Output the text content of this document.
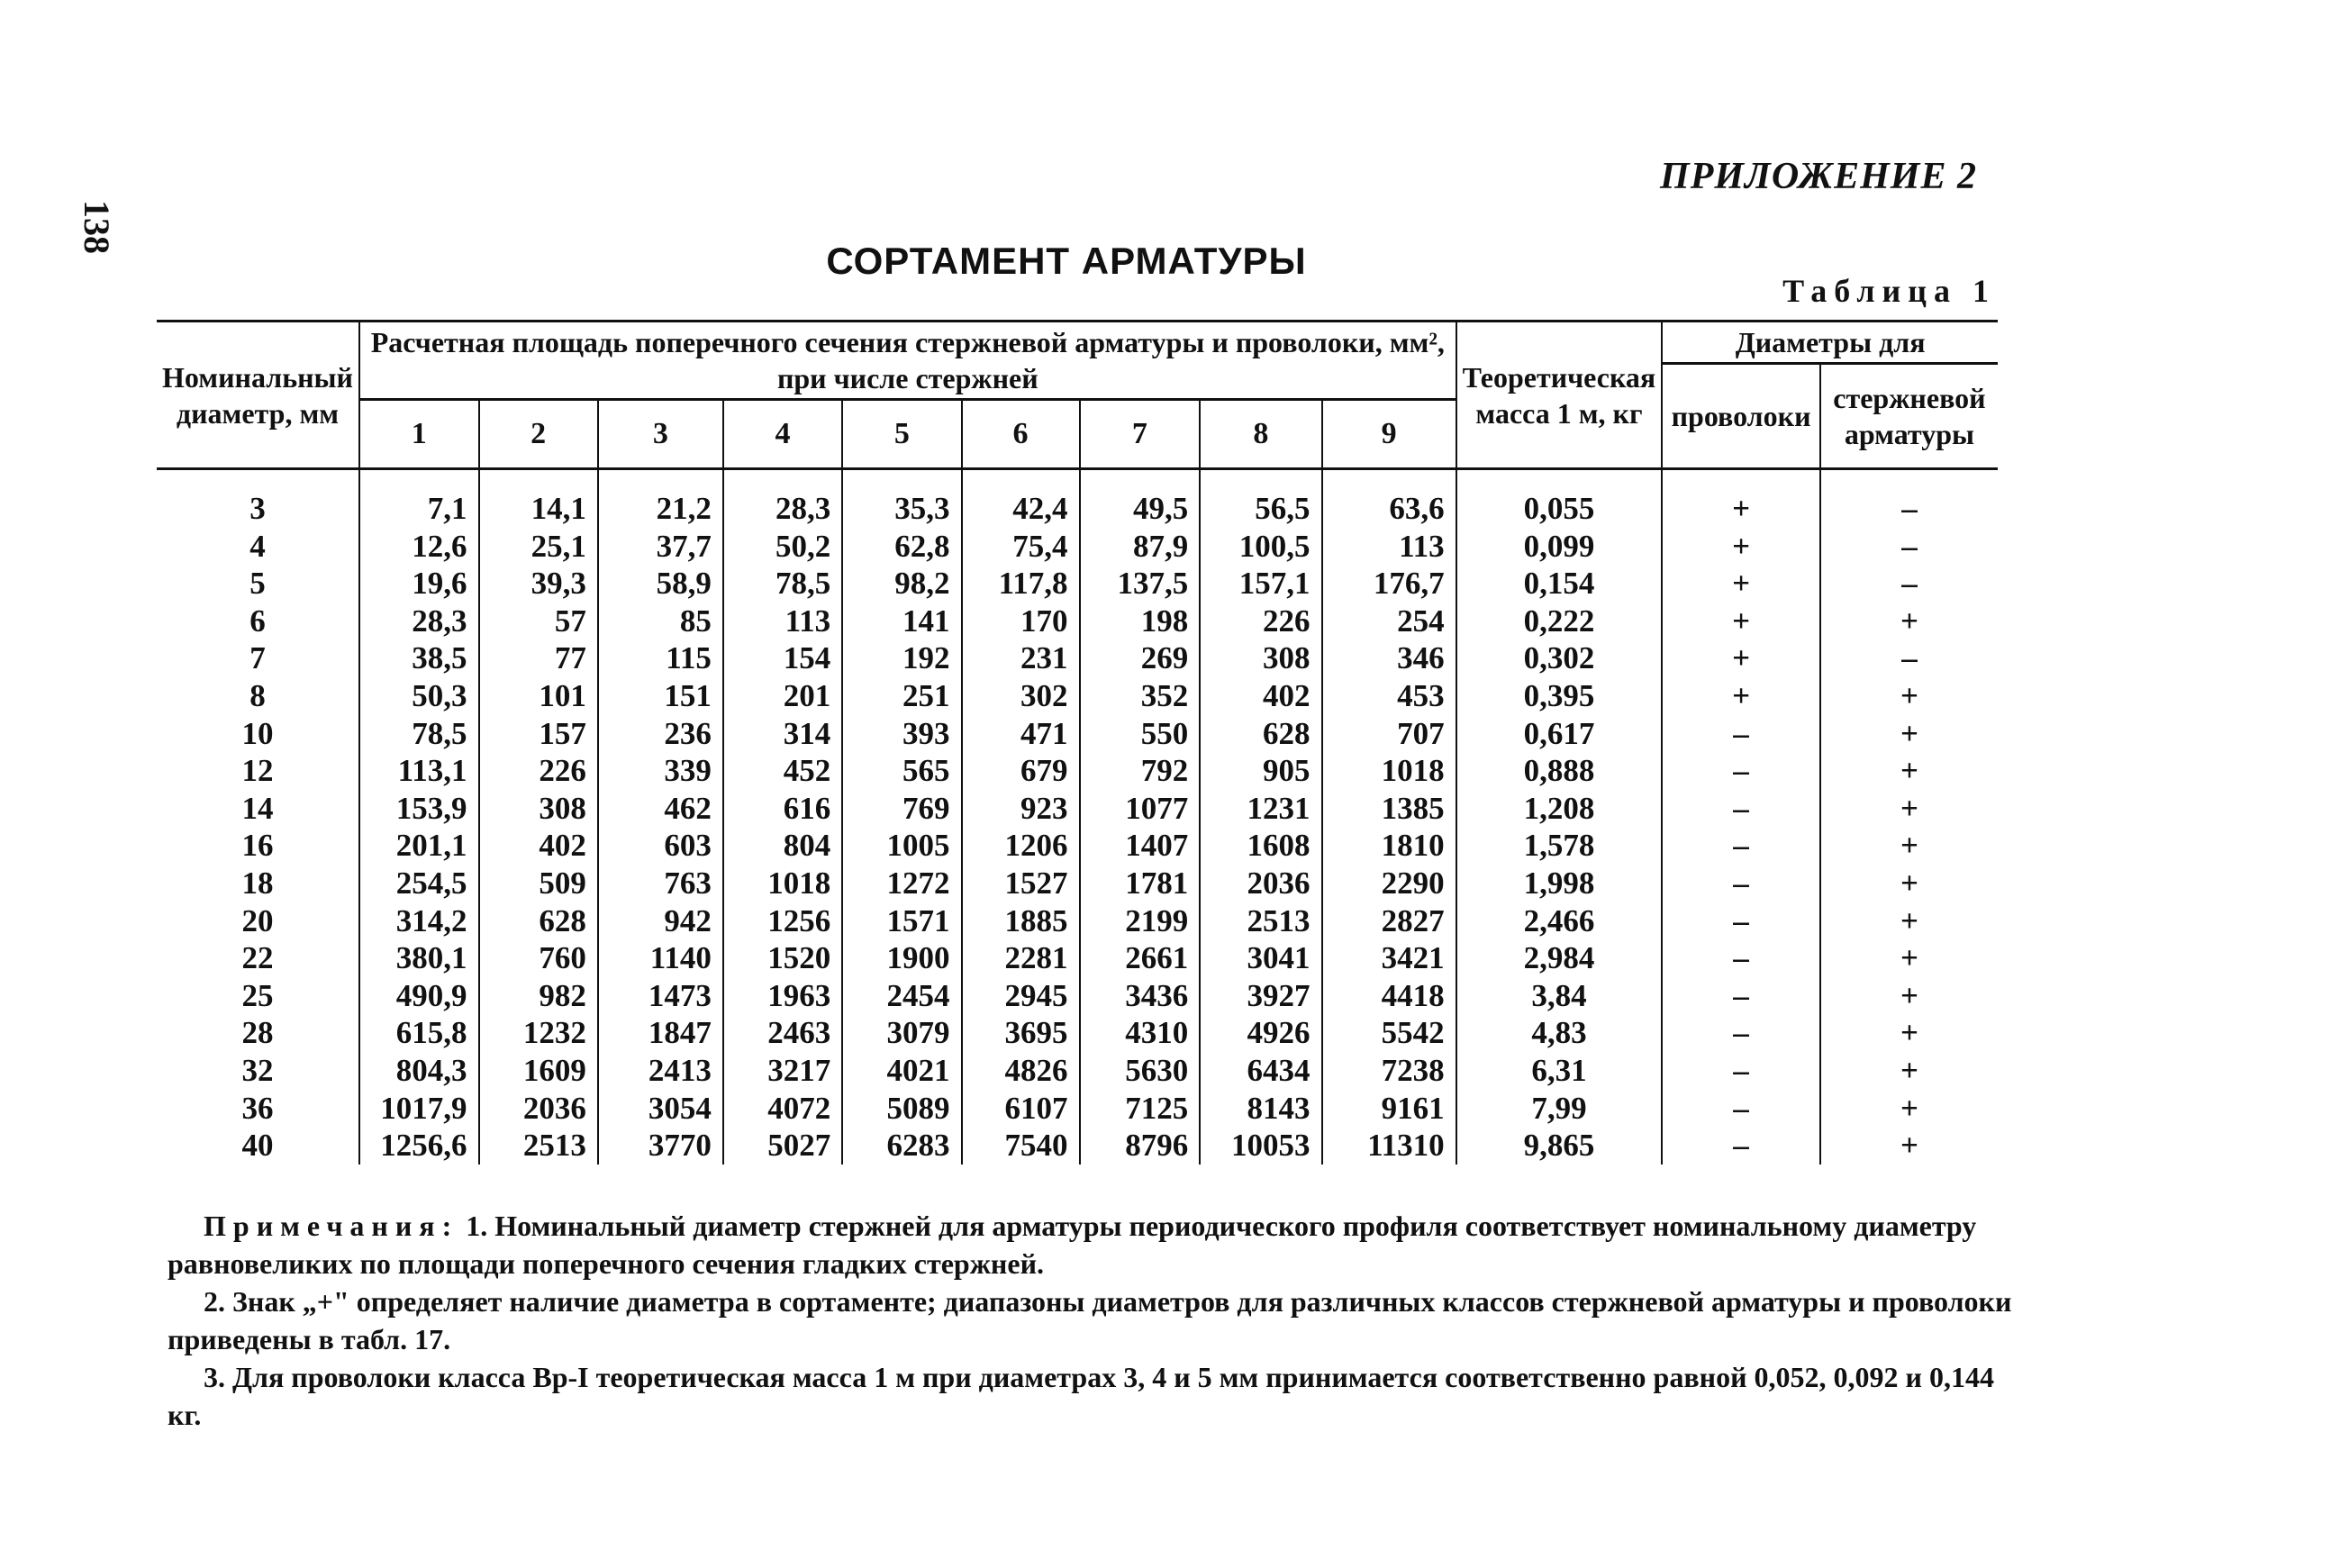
138
ПРИЛОЖЕНИЕ 2
СОРТАМЕНТ АРМАТУРЫ
Таблица 1
Номинальный диаметр, мм	Расчетная площадь поперечного сечения стержневой арматуры и проволоки, мм², при числе стержней									Теоретическая масса 1 м, кг	Диаметры для	
											проволоки	стержневой арматуры
	1	2	3	4	5	6	7	8	9			

3	7,1	14,1	21,2	28,3	35,3	42,4	49,5	56,5	63,6	0,055	+	–
4	12,6	25,1	37,7	50,2	62,8	75,4	87,9	100,5	113	0,099	+	–
5	19,6	39,3	58,9	78,5	98,2	117,8	137,5	157,1	176,7	0,154	+	–
6	28,3	57	85	113	141	170	198	226	254	0,222	+	+
7	38,5	77	115	154	192	231	269	308	346	0,302	+	–
8	50,3	101	151	201	251	302	352	402	453	0,395	+	+
10	78,5	157	236	314	393	471	550	628	707	0,617	–	+
12	113,1	226	339	452	565	679	792	905	1018	0,888	–	+
14	153,9	308	462	616	769	923	1077	1231	1385	1,208	–	+
16	201,1	402	603	804	1005	1206	1407	1608	1810	1,578	–	+
18	254,5	509	763	1018	1272	1527	1781	2036	2290	1,998	–	+
20	314,2	628	942	1256	1571	1885	2199	2513	2827	2,466	–	+
22	380,1	760	1140	1520	1900	2281	2661	3041	3421	2,984	–	+
25	490,9	982	1473	1963	2454	2945	3436	3927	4418	3,84	–	+
28	615,8	1232	1847	2463	3079	3695	4310	4926	5542	4,83	–	+
32	804,3	1609	2413	3217	4021	4826	5630	6434	7238	6,31	–	+
36	1017,9	2036	3054	4072	5089	6107	7125	8143	9161	7,99	–	+
40	1256,6	2513	3770	5027	6283	7540	8796	10053	11310	9,865	–	+

Примечания: 1. Номинальный диаметр стержней для арматуры периодического профиля соответствует номинальному диаметру равновеликих по площади поперечного сечения гладких стержней.

2. Знак „+" определяет наличие диаметра в сортаменте; диапазоны диаметров для различных классов стержневой арматуры и проволоки приведены в табл. 17.

3. Для проволоки класса Вр-I теоретическая масса 1 м при диаметрах 3, 4 и 5 мм принимается соответственно равной 0,052, 0,092 и 0,144 кг.
